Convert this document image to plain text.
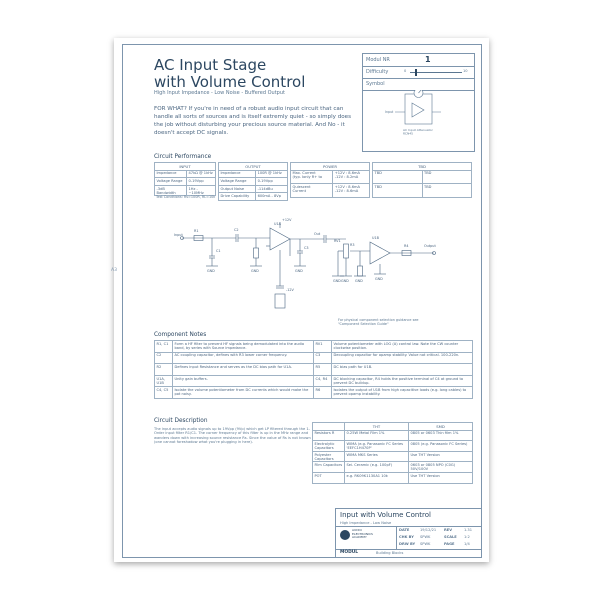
A3
AC Input Stage
with Volume Control
High Input Impedance - Low Noise - Buffered Output
FOR WHAT? If you're in need of a robust audio input circuit that can handle all sorts of sources and is itself extremly quiet - so simply does the job without disturbing your precious source material. And No - it doesn't accept DC signals.
Modul NR	1
Difficulty	0	10
Symbol
Input
AC Input Attenuator RCN45
Circuit Performance
INPUT	
Impedance	47kΩ @ 1kHz
Voltage Range	0-19Vpp
-3dB Bandwidth	1Hz - ~10MHz
Test Conditions: Rs=100R, RL=10k
OUTPUT	
Impedance	100R @ 1kHz
Voltage Range	0-19Vpp
Output Noise	-114dBu
Drive Capability	600mA - 8Vp
POWER	
Max. Current
(typ. Ionly R+ to	+12V : 8.6mA
-12V : 8.2mA
Quiescent
Current	+12V : 8.6mA
-12V : 8.6mA
TBD	
TBD	TBD
TBD	TBD
Input
R1
C1
C2
U1A
Out
R3
U1B
C3
RV1
R4	Output
GND	GND	GND
GND GND GND	GND
+12V
-12V
For physical component selection guidance see "Component Selection Guide"
Component Notes
R1, C1	Form a HF filter to prevent HF signals being demodulated into the audio band, by series with Source impedance.	RV1	Volume potentiometer with LOG (A) control law. Note the CW counter clockwise position.
C2	AC coupling capacitor, defines with R3 lower corner frequency.	C3	Decoupling capacitor for opamp stability. Value not critical. 100-220n.
R2	Defines input Resistance and serves as the DC bias path for U1A.	R5	DC bias path for U1B.
U1A, U1B	Unity gain buffers.	C4, R4	DC blocking capacitor, R4 holds the positive terminal of C4 at ground to prevent DC buildup.
C4, C5	Isolate the volume potentiometer from DC currents which would make the pot noisy.	R6	Isolates the output of U1B from high capacitive loads (e.g. long cables) to prevent opamp instability.
Circuit Description
The input accepts audio signals up to 19Vpp (9Vp) which get LP filtered through the 1-Order input filter R1/C1. The corner frequency of this filter is up in the MHz range and wanders down with increasing source resistance Rs. Since the value of Rs is not known (one cannot foreshadow what you're plugging in here).
	THT	SMD
Resistors R	0.25W Metal Film 1%	0805 or 0603 Thin film 1%
Electrolytic Capacitors	WIMA (e.g. Panasonic FC Series 'EEFC1H470P'	0805 (e.g. Panasonic FC Series)
Polyester Capacitors	WIMA MKS Series	Use THT Version
Film Capacitors	Sei. Ceramic (e.g. 100pF)	0603 or 0805 NPO (C0G) 50V/100V
POT	e.g. RK09K1130A1 10k	Use THT Version
Input with Volume Control
High Impedance - Low Noise
AUDIO
ELECTRONICS
ACADEMY
DATE	19/12/21 REV	1.31
CHK BY SPWK	SCALE 1:2
DRW BY SPWK	PAGE	1/4
MODUL	Building Blocks
